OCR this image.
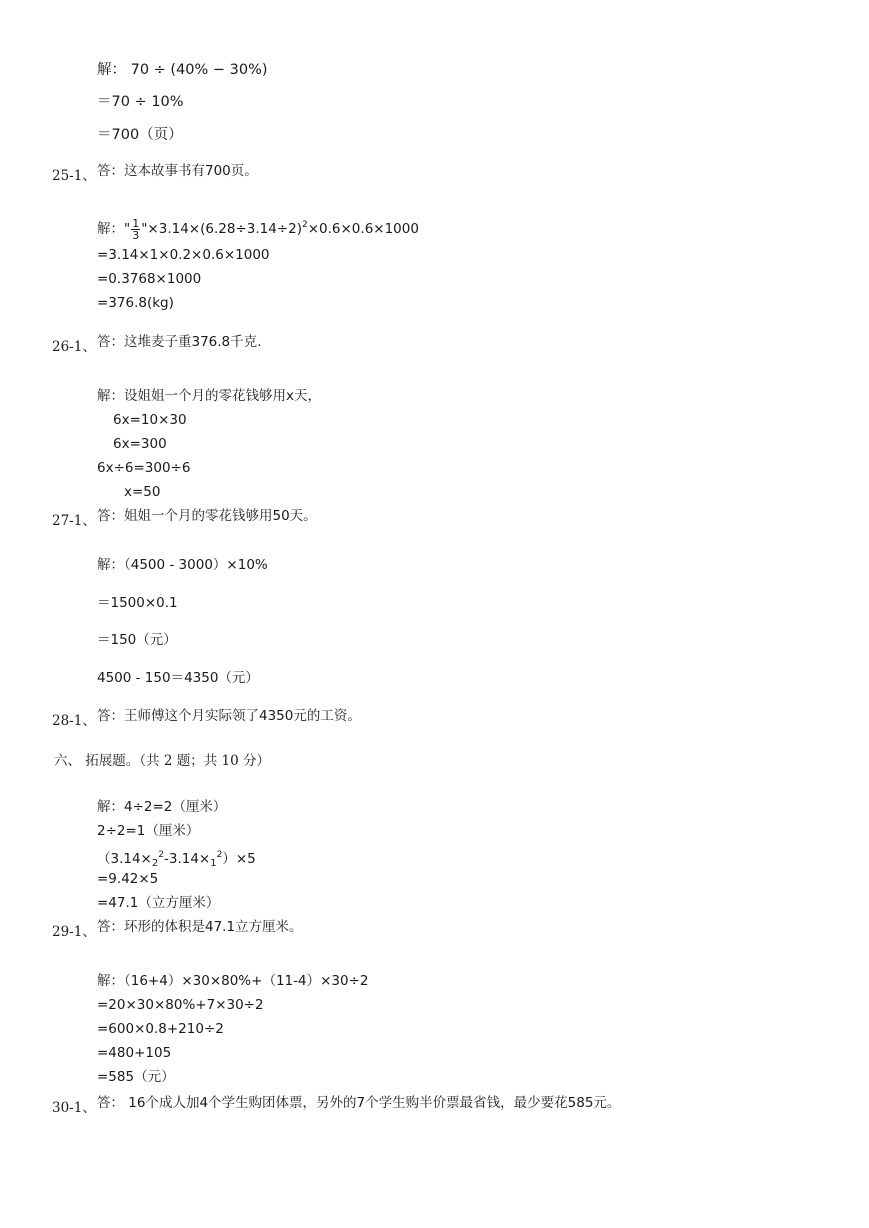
解： 70 ÷ (40% − 30%)
＝70 ÷ 10%
＝700（页）
25-1、 答：这本故事书有700页。
解：" $\frac{1}{3}$ "$\times 3.14\times(6.28\div 3.14\div 2)^2\times 0.6\times 0.6\times 1000$
=3.14×1×0.2×0.6×1000
=0.3768×1000
=376.8(kg)
26-1、 答：这堆麦子重376.8千克.
解：设姐姐一个月的零花钱够用x天，
6x=10×30
6x=300
6x÷6=300÷6
x=50
27-1、 答：姐姐一个月的零花钱够用50天。
解：（4500 - 3000）×10%
＝1500×0.1
＝150（元）
4500 - 150＝4350（元）
28-1、 答：王师傅这个月实际领了4350元的工资。
六、 拓展题。（共 2 题；共 10 分）
解：4÷2=2（厘米）
2÷2=1（厘米）
$(3.14\times_2^2-3.14\times_1^2)\times 5$
=9.42×5
=47.1（立方厘米）
29-1、 答：环形的体积是47.1立方厘米。
解：（16+4）×30×80%+（11-4）×30÷2
=20×30×80%+7×30÷2
=600×0.8+210÷2
=480+105
=585（元）
30-1、 答： 16个成人加4个学生购团体票，另外的7个学生购半价票最省钱，最少要花585元。
